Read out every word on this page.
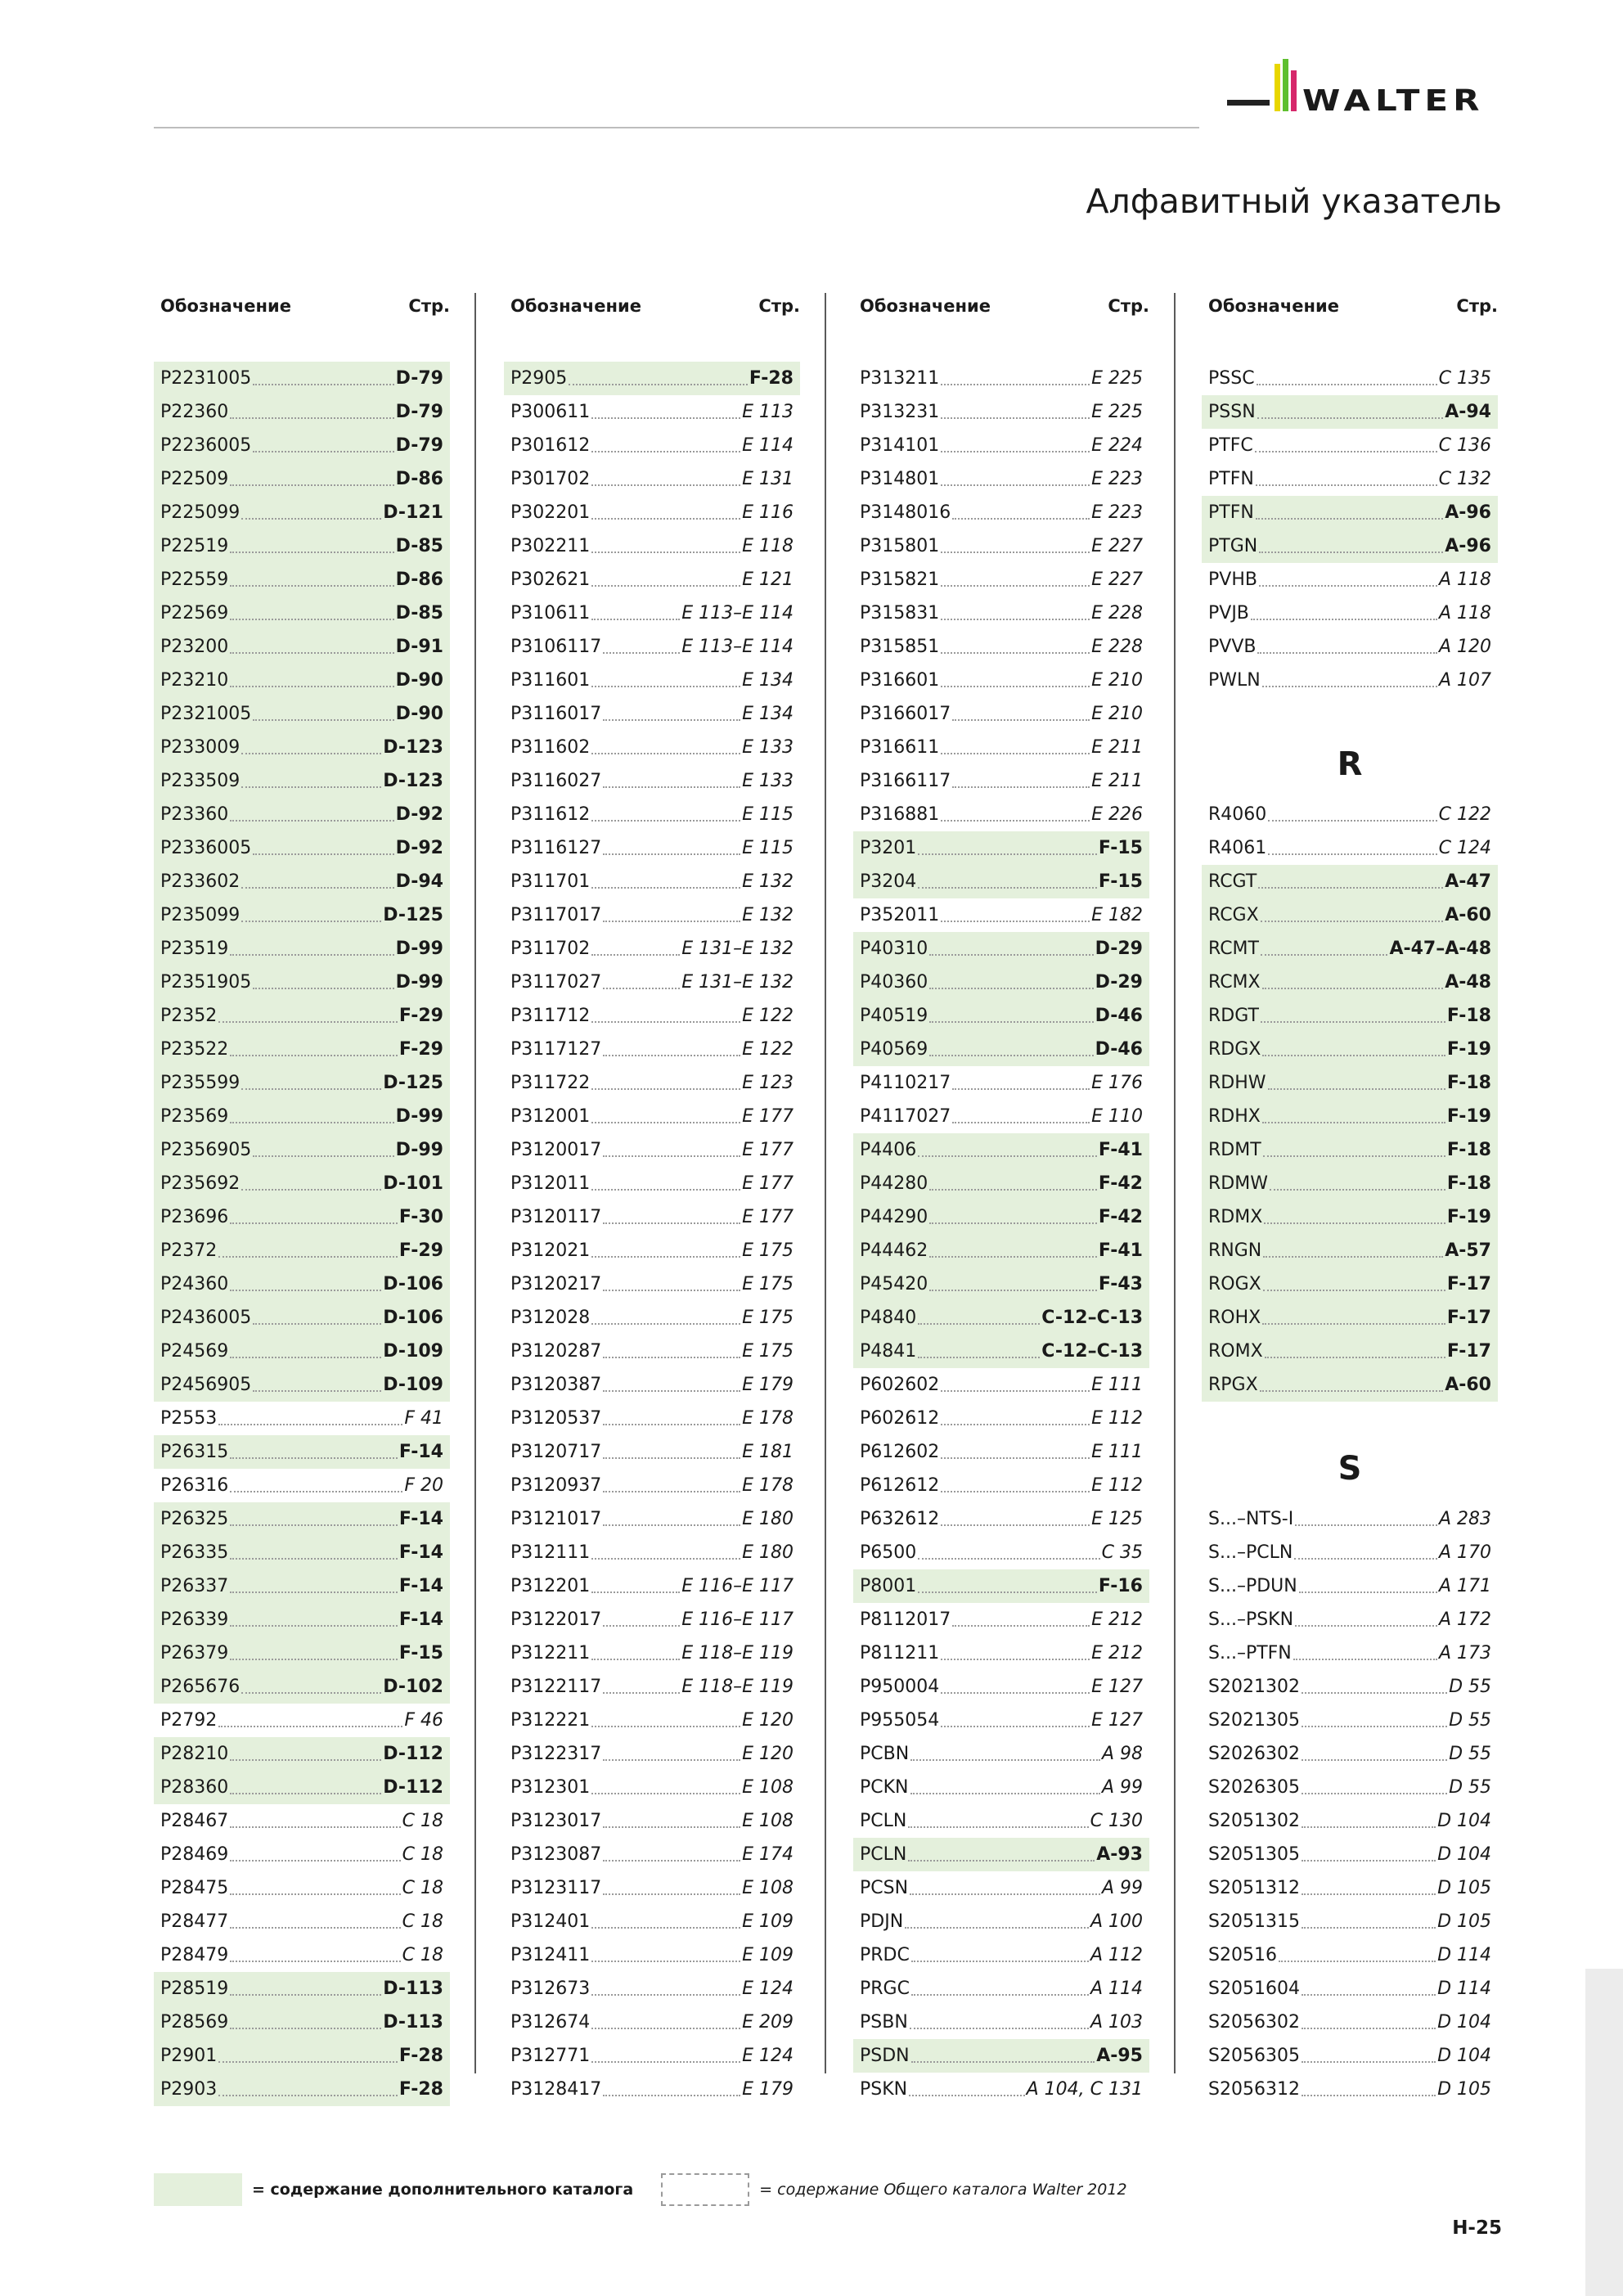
WALTER
Алфавитный указатель
Обозначение	Стр.
P2231005	D-79
P22360	D-79
P2236005	D-79
P22509	D-86
P225099	D-121
P22519	D-85
P22559	D-86
P22569	D-85
P23200	D-91
P23210	D-90
P2321005	D-90
P233009	D-123
P233509	D-123
P23360	D-92
P2336005	D-92
P233602	D-94
P235099	D-125
P23519	D-99
P2351905	D-99
P2352	F-29
P23522	F-29
P235599	D-125
P23569	D-99
P2356905	D-99
P235692	D-101
P23696	F-30
P2372	F-29
P24360	D-106
P2436005	D-106
P24569	D-109
P2456905	D-109
P2553	F 41
P26315	F-14
P26316	F 20
P26325	F-14
P26335	F-14
P26337	F-14
P26339	F-14
P26379	F-15
P265676	D-102
P2792	F 46
P28210	D-112
P28360	D-112
P28467	C 18
P28469	C 18
P28475	C 18
P28477	C 18
P28479	C 18
P28519	D-113
P28569	D-113
P2901	F-28
P2903	F-28
Обозначение	Стр.
P2905	F-28
P300611	E 113
P301612	E 114
P301702	E 131
P302201	E 116
P302211	E 118
P302621	E 121
P310611	E 113–E 114
P3106117	E 113–E 114
P311601	E 134
P3116017	E 134
P311602	E 133
P3116027	E 133
P311612	E 115
P3116127	E 115
P311701	E 132
P3117017	E 132
P311702	E 131–E 132
P3117027	E 131–E 132
P311712	E 122
P3117127	E 122
P311722	E 123
P312001	E 177
P3120017	E 177
P312011	E 177
P3120117	E 177
P312021	E 175
P3120217	E 175
P312028	E 175
P3120287	E 175
P3120387	E 179
P3120537	E 178
P3120717	E 181
P3120937	E 178
P3121017	E 180
P312111	E 180
P312201	E 116–E 117
P3122017	E 116–E 117
P312211	E 118–E 119
P3122117	E 118–E 119
P312221	E 120
P3122317	E 120
P312301	E 108
P3123017	E 108
P3123087	E 174
P3123117	E 108
P312401	E 109
P312411	E 109
P312673	E 124
P312674	E 209
P312771	E 124
P3128417	E 179
Обозначение	Стр.
P313211	E 225
P313231	E 225
P314101	E 224
P314801	E 223
P3148016	E 223
P315801	E 227
P315821	E 227
P315831	E 228
P315851	E 228
P316601	E 210
P3166017	E 210
P316611	E 211
P3166117	E 211
P316881	E 226
P3201	F-15
P3204	F-15
P352011	E 182
P40310	D-29
P40360	D-29
P40519	D-46
P40569	D-46
P4110217	E 176
P4117027	E 110
P4406	F-41
P44280	F-42
P44290	F-42
P44462	F-41
P45420	F-43
P4840	C-12–C-13
P4841	C-12–C-13
P602602	E 111
P602612	E 112
P612602	E 111
P612612	E 112
P632612	E 125
P6500	C 35
P8001	F-16
P8112017	E 212
P811211	E 212
P950004	E 127
P955054	E 127
PCBN	A 98
PCKN	A 99
PCLN	C 130
PCLN	A-93
PCSN	A 99
PDJN	A 100
PRDC	A 112
PRGC	A 114
PSBN	A 103
PSDN	A-95
PSKN	A 104, C 131
Обозначение	Стр.
PSSC	C 135
PSSN	A-94
PTFC	C 136
PTFN	C 132
PTFN	A-96
PTGN	A-96
PVHB	A 118
PVJB	A 118
PVVB	A 120
PWLN	A 107
R
R4060	C 122
R4061	C 124
RCGT	A-47
RCGX	A-60
RCMT	A-47–A-48
RCMX	A-48
RDGT	F-18
RDGX	F-19
RDHW	F-18
RDHX	F-19
RDMT	F-18
RDMW	F-18
RDMX	F-19
RNGN	A-57
ROGX	F-17
ROHX	F-17
ROMX	F-17
RPGX	A-60
S
S...–NTS-I	A 283
S...–PCLN	A 170
S...–PDUN	A 171
S...–PSKN	A 172
S...–PTFN	A 173
S2021302	D 55
S2021305	D 55
S2026302	D 55
S2026305	D 55
S2051302	D 104
S2051305	D 104
S2051312	D 105
S2051315	D 105
S20516	D 114
S2051604	D 114
S2056302	D 104
S2056305	D 104
S2056312	D 105
= содержание дополнительного каталога	= содержание Общего каталога Walter 2012
H-25
